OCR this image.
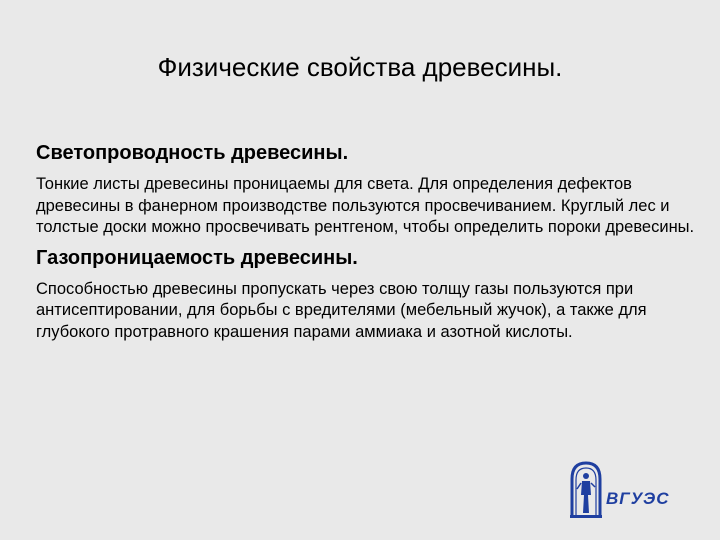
Физические свойства древесины.
Светопроводность древесины.
Тонкие листы древесины проницаемы для света. Для определения дефектов древесины в фанерном производстве пользуются просвечиванием. Круглый лес и толстые доски можно просвечивать рентгеном, чтобы определить пороки древесины.
Газопроницаемость древесины.
Способностью древесины пропускать через свою толщу газы пользуются при антисептировании, для борьбы с вредителями (мебельный жучок), а также для глубокого протравного крашения парами аммиака и азотной кислоты.
ВГУЭС
